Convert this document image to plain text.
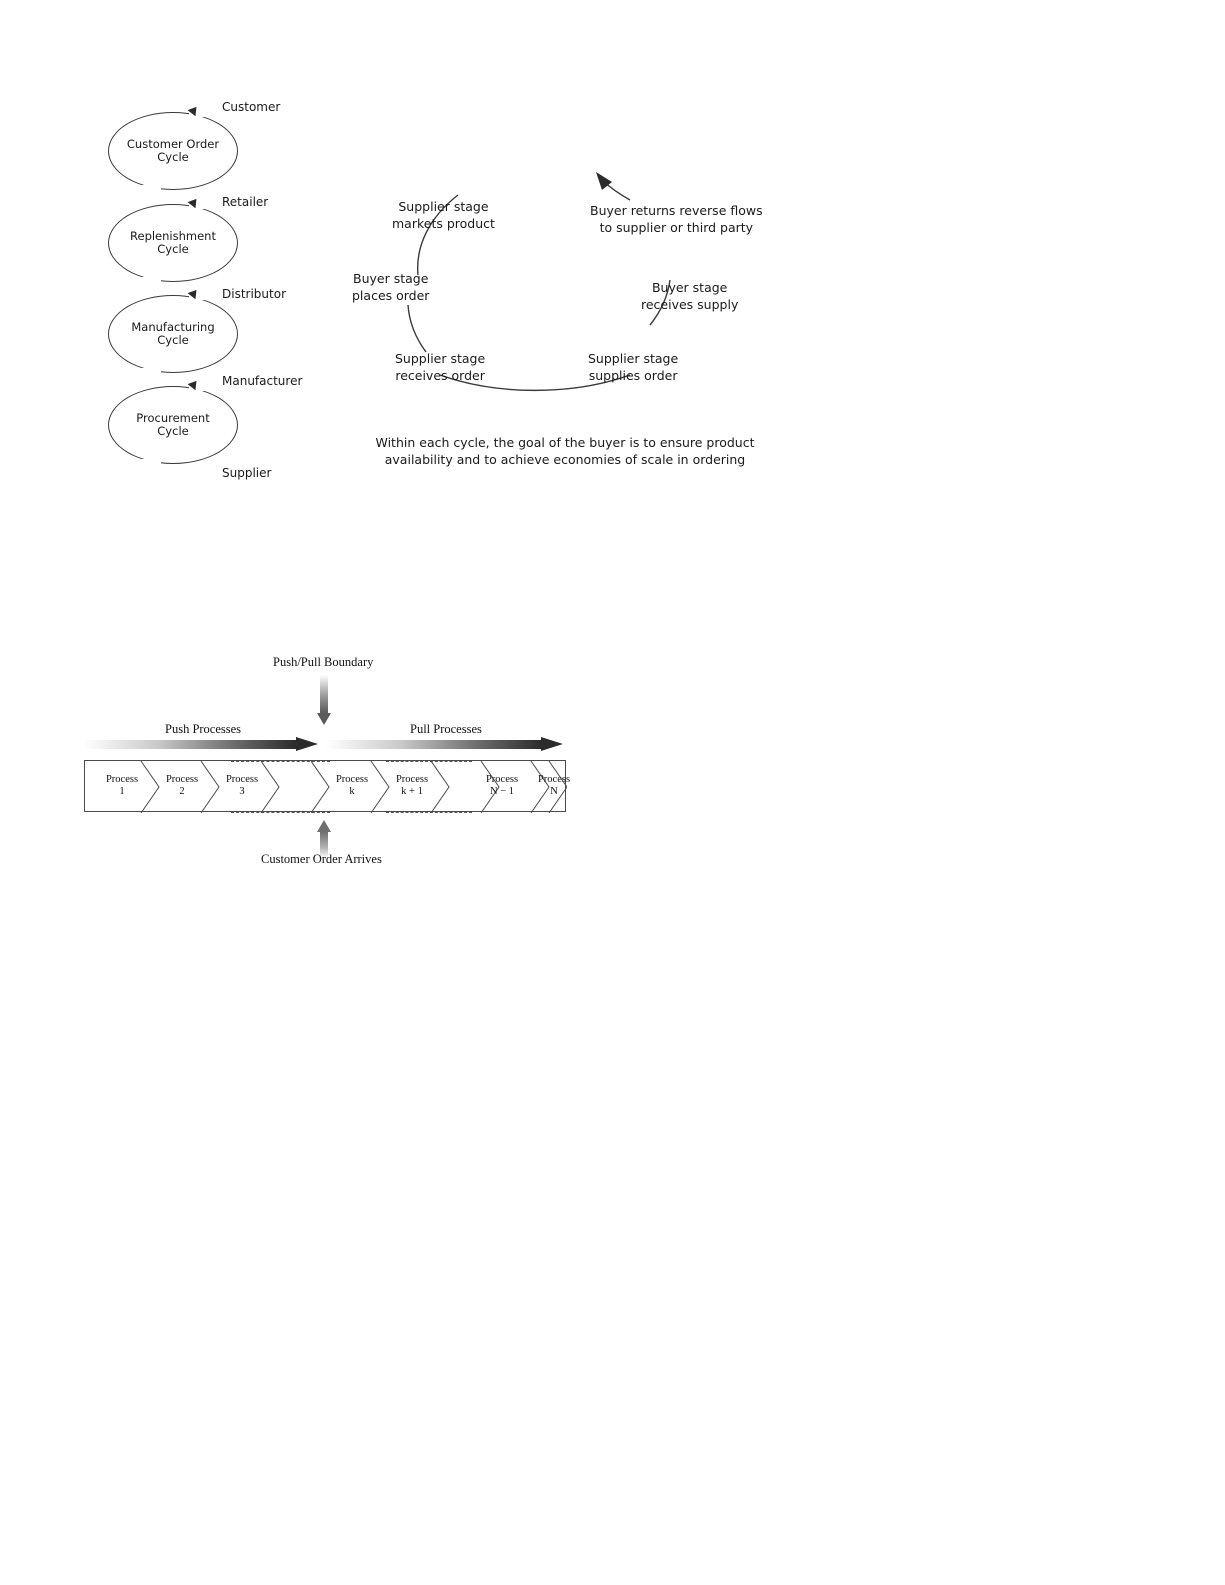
Customer
Retailer
Distributor
Manufacturer
Supplier
Customer Order
Cycle
Replenishment
Cycle
Manufacturing
Cycle
Procurement
Cycle
Supplier stage
markets product
Buyer returns reverse flows
to supplier or third party
Buyer stage
places order
Buyer stage
receives supply
Supplier stage
receives order
Supplier stage
supplies order
Within each cycle, the goal of the buyer is to ensure product
availability and to achieve economies of scale in ordering
Push/Pull Boundary
Push Processes	Pull Processes
Process
1
Process
2
Process
3
Process
k
Process
k + 1
Process
N − 1
Process
N
Customer Order Arrives
